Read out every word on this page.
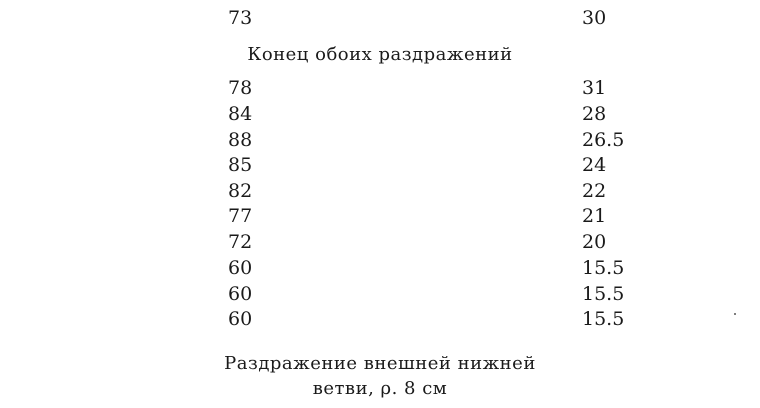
73	30
Конец обоих раздражений
78	31
84	28
88	26.5
85	24
82	22
77	21
72	20
60	15.5
60	15.5
60	15.5
Раздражение внешней нижней
ветви, ρ. 8 см
